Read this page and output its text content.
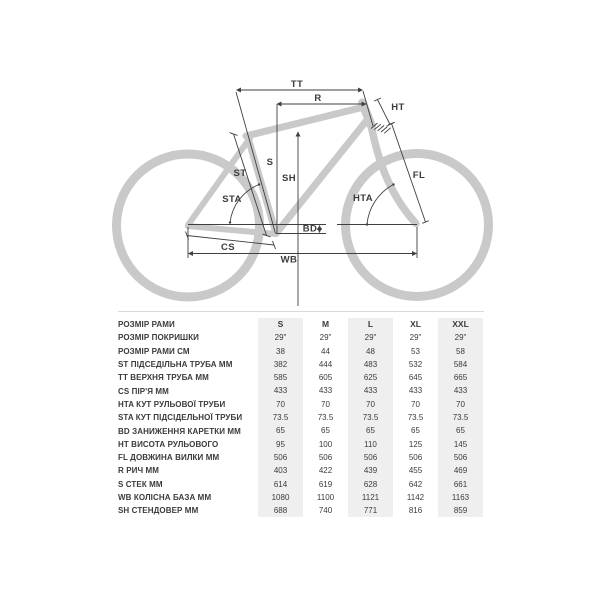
TT
R
HT
ST
S
SH
STA	HTA
BD
CS
WB
FL
РОЗМІР РАМИ	S	M	L	XL	XXL
РОЗМІР ПОКРИШКИ	29"	29"	29"	29"	29"
РОЗМІР РАМИ СМ	38	44	48	53	58
ST ПІДСЕДІЛЬНА ТРУБА ММ	382	444	483	532	584
TT ВЕРХНЯ ТРУБА ММ	585	605	625	645	665
CS ПІР'Я ММ	433	433	433	433	433
HTA КУТ РУЛЬОВОЇ ТРУБИ	70	70	70	70	70
STA КУТ ПІДСІДЕЛЬНОЇ ТРУБИ	73.5	73.5	73.5	73.5	73.5
BD ЗАНИЖЕННЯ КАРЕТКИ ММ	65	65	65	65	65
HT ВИСОТА РУЛЬОВОГО	95	100	110	125	145
FL ДОВЖИНА ВИЛКИ ММ	506	506	506	506	506
R РИЧ ММ	403	422	439	455	469
S СТЕК ММ	614	619	628	642	661
WB КОЛІСНА БАЗА ММ	1080	1100	1121	1142	1163
SH СТЕНДОВЕР ММ	688	740	771	816	859
